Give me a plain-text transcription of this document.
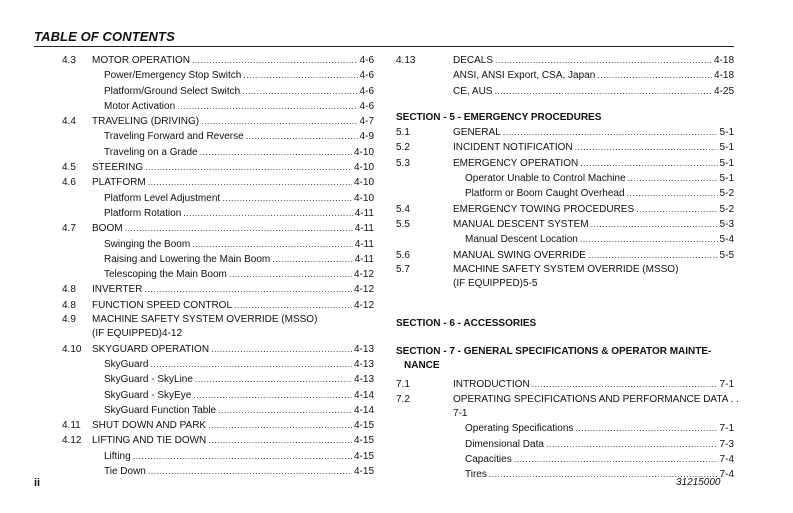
TABLE OF CONTENTS
4.3	MOTOR OPERATION .....	4-6
Power/Emergency Stop Switch .....	4-6
Platform/Ground Select Switch .....	4-6
Motor Activation .....	4-6
4.4	TRAVELING (DRIVING) .....	4-7
Traveling Forward and Reverse .....	4-9
Traveling on a Grade .....	4-10
4.5	STEERING .....	4-10
4.6	PLATFORM .....	4-10
Platform Level Adjustment .....	4-10
Platform Rotation .....	4-11
4.7	BOOM .....	4-11
Swinging the Boom .....	4-11
Raising and Lowering the Main Boom .....	4-11
Telescoping the Main Boom .....	4-12
4.8	INVERTER .....	4-12
4.8	FUNCTION SPEED CONTROL .....	4-12
4.9	MACHINE SAFETY SYSTEM OVERRIDE (MSSO)
(IF EQUIPPED)4-12
4.10	SKYGUARD OPERATION .....	4-13
SkyGuard .....	4-13
SkyGuard - SkyLine .....	4-13
SkyGuard - SkyEye .....	4-14
SkyGuard Function Table .....	4-14
4.11	SHUT DOWN AND PARK .....	4-15
4.12	LIFTING AND TIE DOWN .....	4-15
Lifting .....	4-15
Tie Down .....	4-15
4.13	DECALS .....	4-18
ANSI, ANSI Export, CSA, Japan .....	4-18
CE, AUS .....	4-25
SECTION - 5 - EMERGENCY PROCEDURES
5.1	GENERAL .....	5-1
5.2	INCIDENT NOTIFICATION .....	5-1
5.3	EMERGENCY OPERATION .....	5-1
Operator Unable to Control Machine .....	5-1
Platform or Boom Caught Overhead .....	5-2
5.4	EMERGENCY TOWING PROCEDURES .....	5-2
5.5	MANUAL DESCENT SYSTEM .....	5-3
Manual Descent Location .....	5-4
5.6	MANUAL SWING OVERRIDE .....	5-5
5.7	MACHINE SAFETY SYSTEM OVERRIDE (MSSO)
(IF EQUIPPED)5-5
SECTION - 6 - ACCESSORIES
SECTION - 7 - GENERAL SPECIFICATIONS & OPERATOR MAINTE-
NANCE
7.1	INTRODUCTION .....	7-1
7.2	OPERATING SPECIFICATIONS AND PERFORMANCE DATA . .
7-1
Operating Specifications .....	7-1
Dimensional Data .....	7-3
Capacities .....	7-4
Tires .....	7-4
ii	31215000
